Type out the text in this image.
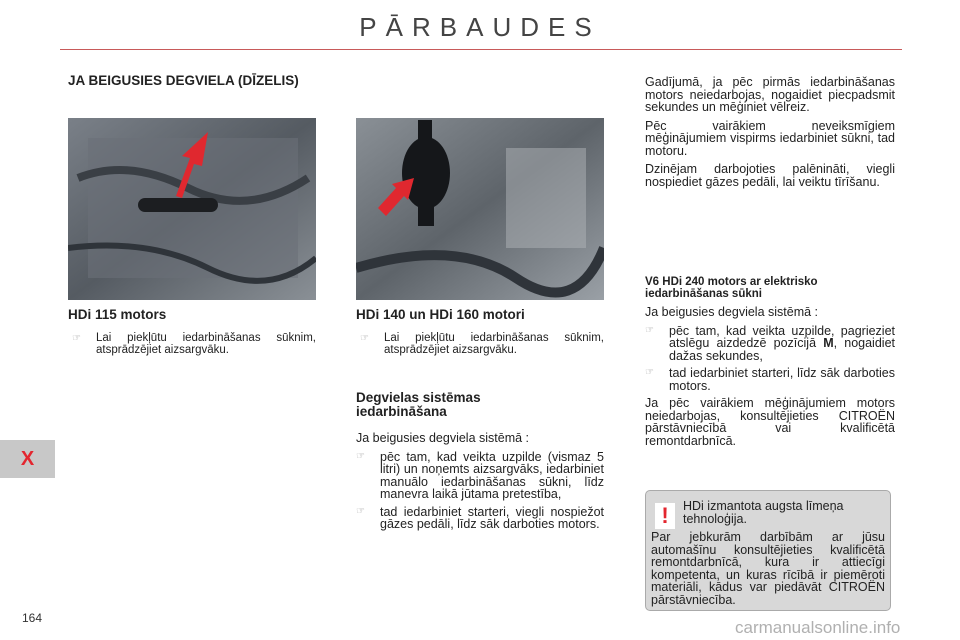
PĀRBAUDES
X
164
JA BEIGUSIES DEGVIELA (DĪZELIS)
HDi 115 motors
☞	Lai piekļūtu iedarbināšanas sūknim, atsprādzējiet aizsargvāku.
HDi 140 un HDi 160 motori
☞	Lai piekļūtu iedarbināšanas sūknim, atsprādzējiet aizsargvāku.
Degvielas sistēmas iedarbināšana

Ja beigusies degviela sistēmā :

☞	pēc tam, kad veikta uzpilde (vismaz 5 litri) un noņemts aizsargvāks, iedarbiniet manuālo iedarbināšanas sūkni, līdz manevra laikā jūtama pretestība,
☞	tad iedarbiniet starteri, viegli nospiežot gāzes pedāli, līdz sāk darboties motors.

Gadījumā, ja pēc pirmās iedarbināšanas motors neiedarbojas, nogaidiet piecpadsmit sekundes un mēģiniet vēlreiz.

Pēc vairākiem neveiksmīgiem mēģinājumiem vispirms iedarbiniet sūkni, tad motoru.

Dzinējam darbojoties palēnināti, viegli nospiediet gāzes pedāli, lai veiktu tīrīšanu.

V6 HDi 240 motors ar elektrisko iedarbināšanas sūkni

Ja beigusies degviela sistēmā :

☞	pēc tam, kad veikta uzpilde, pagrieziet atslēgu aizdedzē pozīcijā M, nogaidiet dažas sekundes,
☞	tad iedarbiniet starteri, līdz sāk darboties motors.

Ja pēc vairākiem mēģinājumiem motors neiedarbojas, konsultējieties CITROËN pārstāvniecībā vai kvalificētā remontdarbnīcā.

!	HDi izmantota augsta līmeņa tehnoloģija.
Par jebkurām darbībām ar jūsu automašīnu konsultējieties kvalificētā remontdarbnīcā, kura ir attiecīgi kompetenta, un kuras rīcībā ir piemēroti materiāli, kādus var piedāvāt CITROËN pārstāvniecība.
carmanualsonline.info
